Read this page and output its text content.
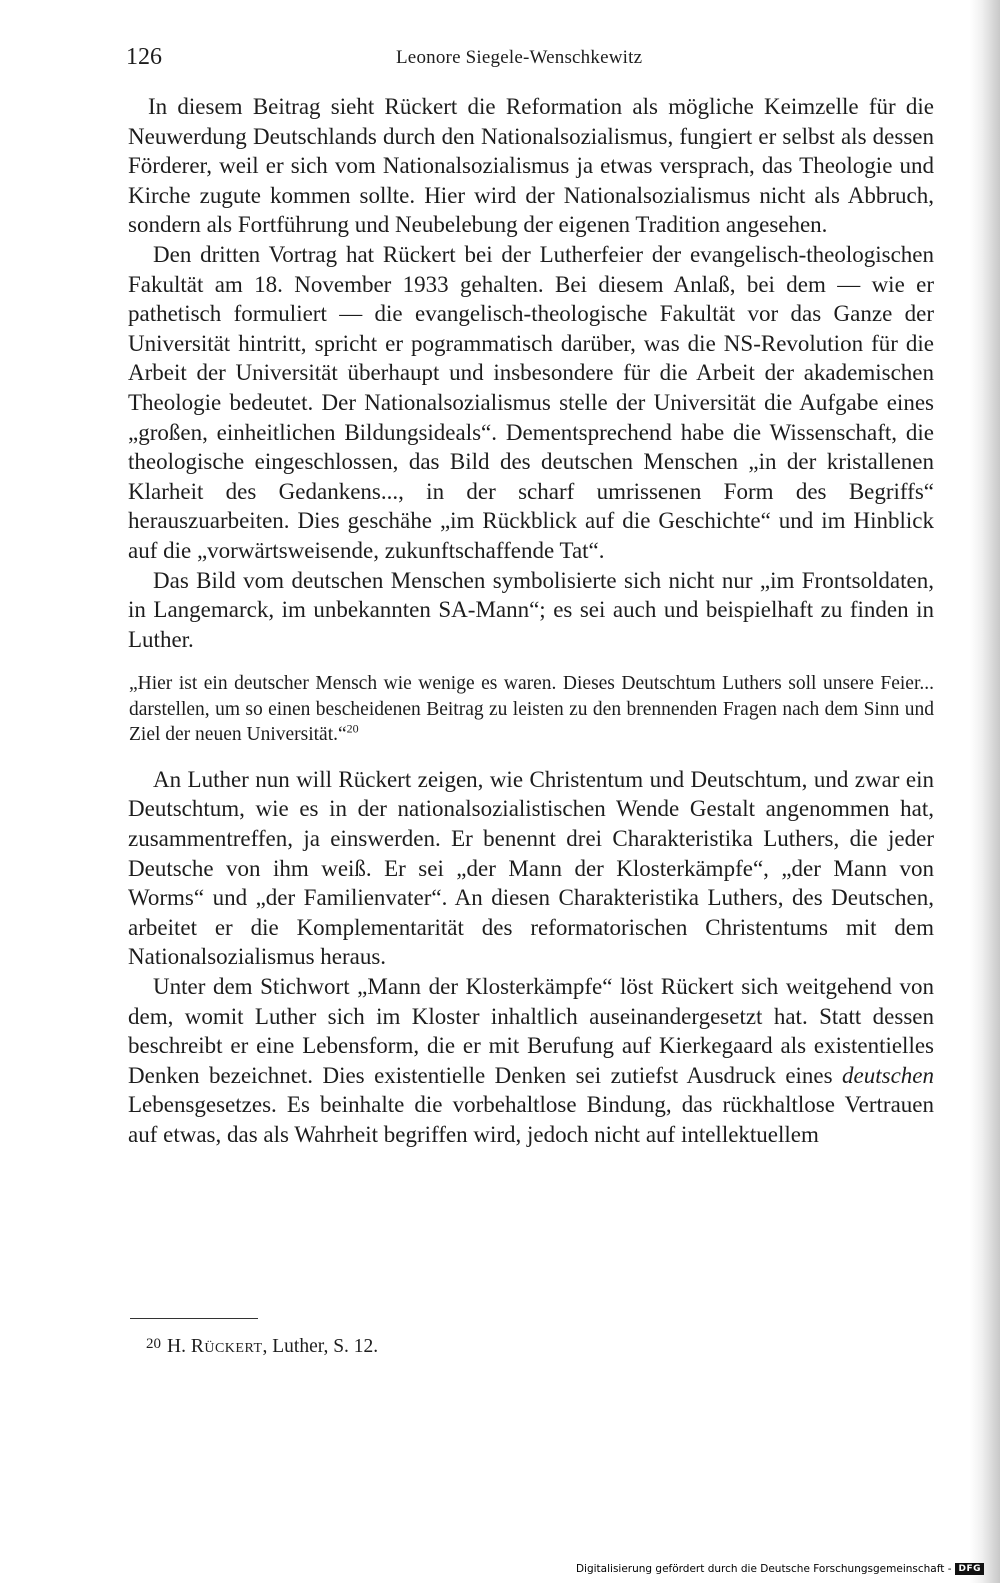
126	Leonore Siegele-Wenschkewitz

In diesem Beitrag sieht Rückert die Reformation als mögliche Keimzelle für die Neuwerdung Deutschlands durch den Nationalsozialismus, fungiert er selbst als dessen Förderer, weil er sich vom Nationalsozialismus ja etwas versprach, das Theologie und Kirche zugute kommen sollte. Hier wird der Nationalsozialismus nicht als Abbruch, sondern als Fortführung und Neubelebung der eigenen Tradition angesehen.

Den dritten Vortrag hat Rückert bei der Lutherfeier der evangelisch-theologischen Fakultät am 18. November 1933 gehalten. Bei diesem Anlaß, bei dem — wie er pathetisch formuliert — die evangelisch-theologische Fakultät vor das Ganze der Universität hintritt, spricht er pogrammatisch darüber, was die NS-Revolution für die Arbeit der Universität überhaupt und insbesondere für die Arbeit der akademischen Theologie bedeutet. Der Nationalsozialismus stelle der Universität die Aufgabe eines „großen, einheitlichen Bildungsideals“. Dementsprechend habe die Wissenschaft, die theologische eingeschlossen, das Bild des deutschen Menschen „in der kristallenen Klarheit des Gedankens..., in der scharf umrissenen Form des Begriffs“ herauszuarbeiten. Dies geschähe „im Rückblick auf die Geschichte“ und im Hinblick auf die „vorwärtsweisende, zukunftschaffende Tat“.

Das Bild vom deutschen Menschen symbolisierte sich nicht nur „im Frontsoldaten, in Langemarck, im unbekannten SA-Mann“; es sei auch und beispielhaft zu finden in Luther.

„Hier ist ein deutscher Mensch wie wenige es waren. Dieses Deutschtum Luthers soll unsere Feier... darstellen, um so einen bescheidenen Beitrag zu leisten zu den brennenden Fragen nach dem Sinn und Ziel der neuen Universität.“$^{20}$

An Luther nun will Rückert zeigen, wie Christentum und Deutschtum, und zwar ein Deutschtum, wie es in der nationalsozialistischen Wende Gestalt angenommen hat, zusammentreffen, ja einswerden. Er benennt drei Charakteristika Luthers, die jeder Deutsche von ihm weiß. Er sei „der Mann der Klosterkämpfe“, „der Mann von Worms“ und „der Familienvater“. An diesen Charakteristika Luthers, des Deutschen, arbeitet er die Komplementarität des reformatorischen Christentums mit dem Nationalsozialismus heraus.

Unter dem Stichwort „Mann der Klosterkämpfe“ löst Rückert sich weitgehend von dem, womit Luther sich im Kloster inhaltlich auseinandergesetzt hat. Statt dessen beschreibt er eine Lebensform, die er mit Berufung auf Kierkegaard als existentielles Denken bezeichnet. Dies existentielle Denken sei zutiefst Ausdruck eines deutschen Lebensgesetzes. Es beinhalte die vorbehaltlose Bindung, das rückhaltlose Vertrauen auf etwas, das als Wahrheit begriffen wird, jedoch nicht auf intellektuellem

$^{20}$ H. Rückert, Luther, S. 12.
Digitalisierung gefördert durch die Deutsche Forschungsgemeinschaft - DFG
